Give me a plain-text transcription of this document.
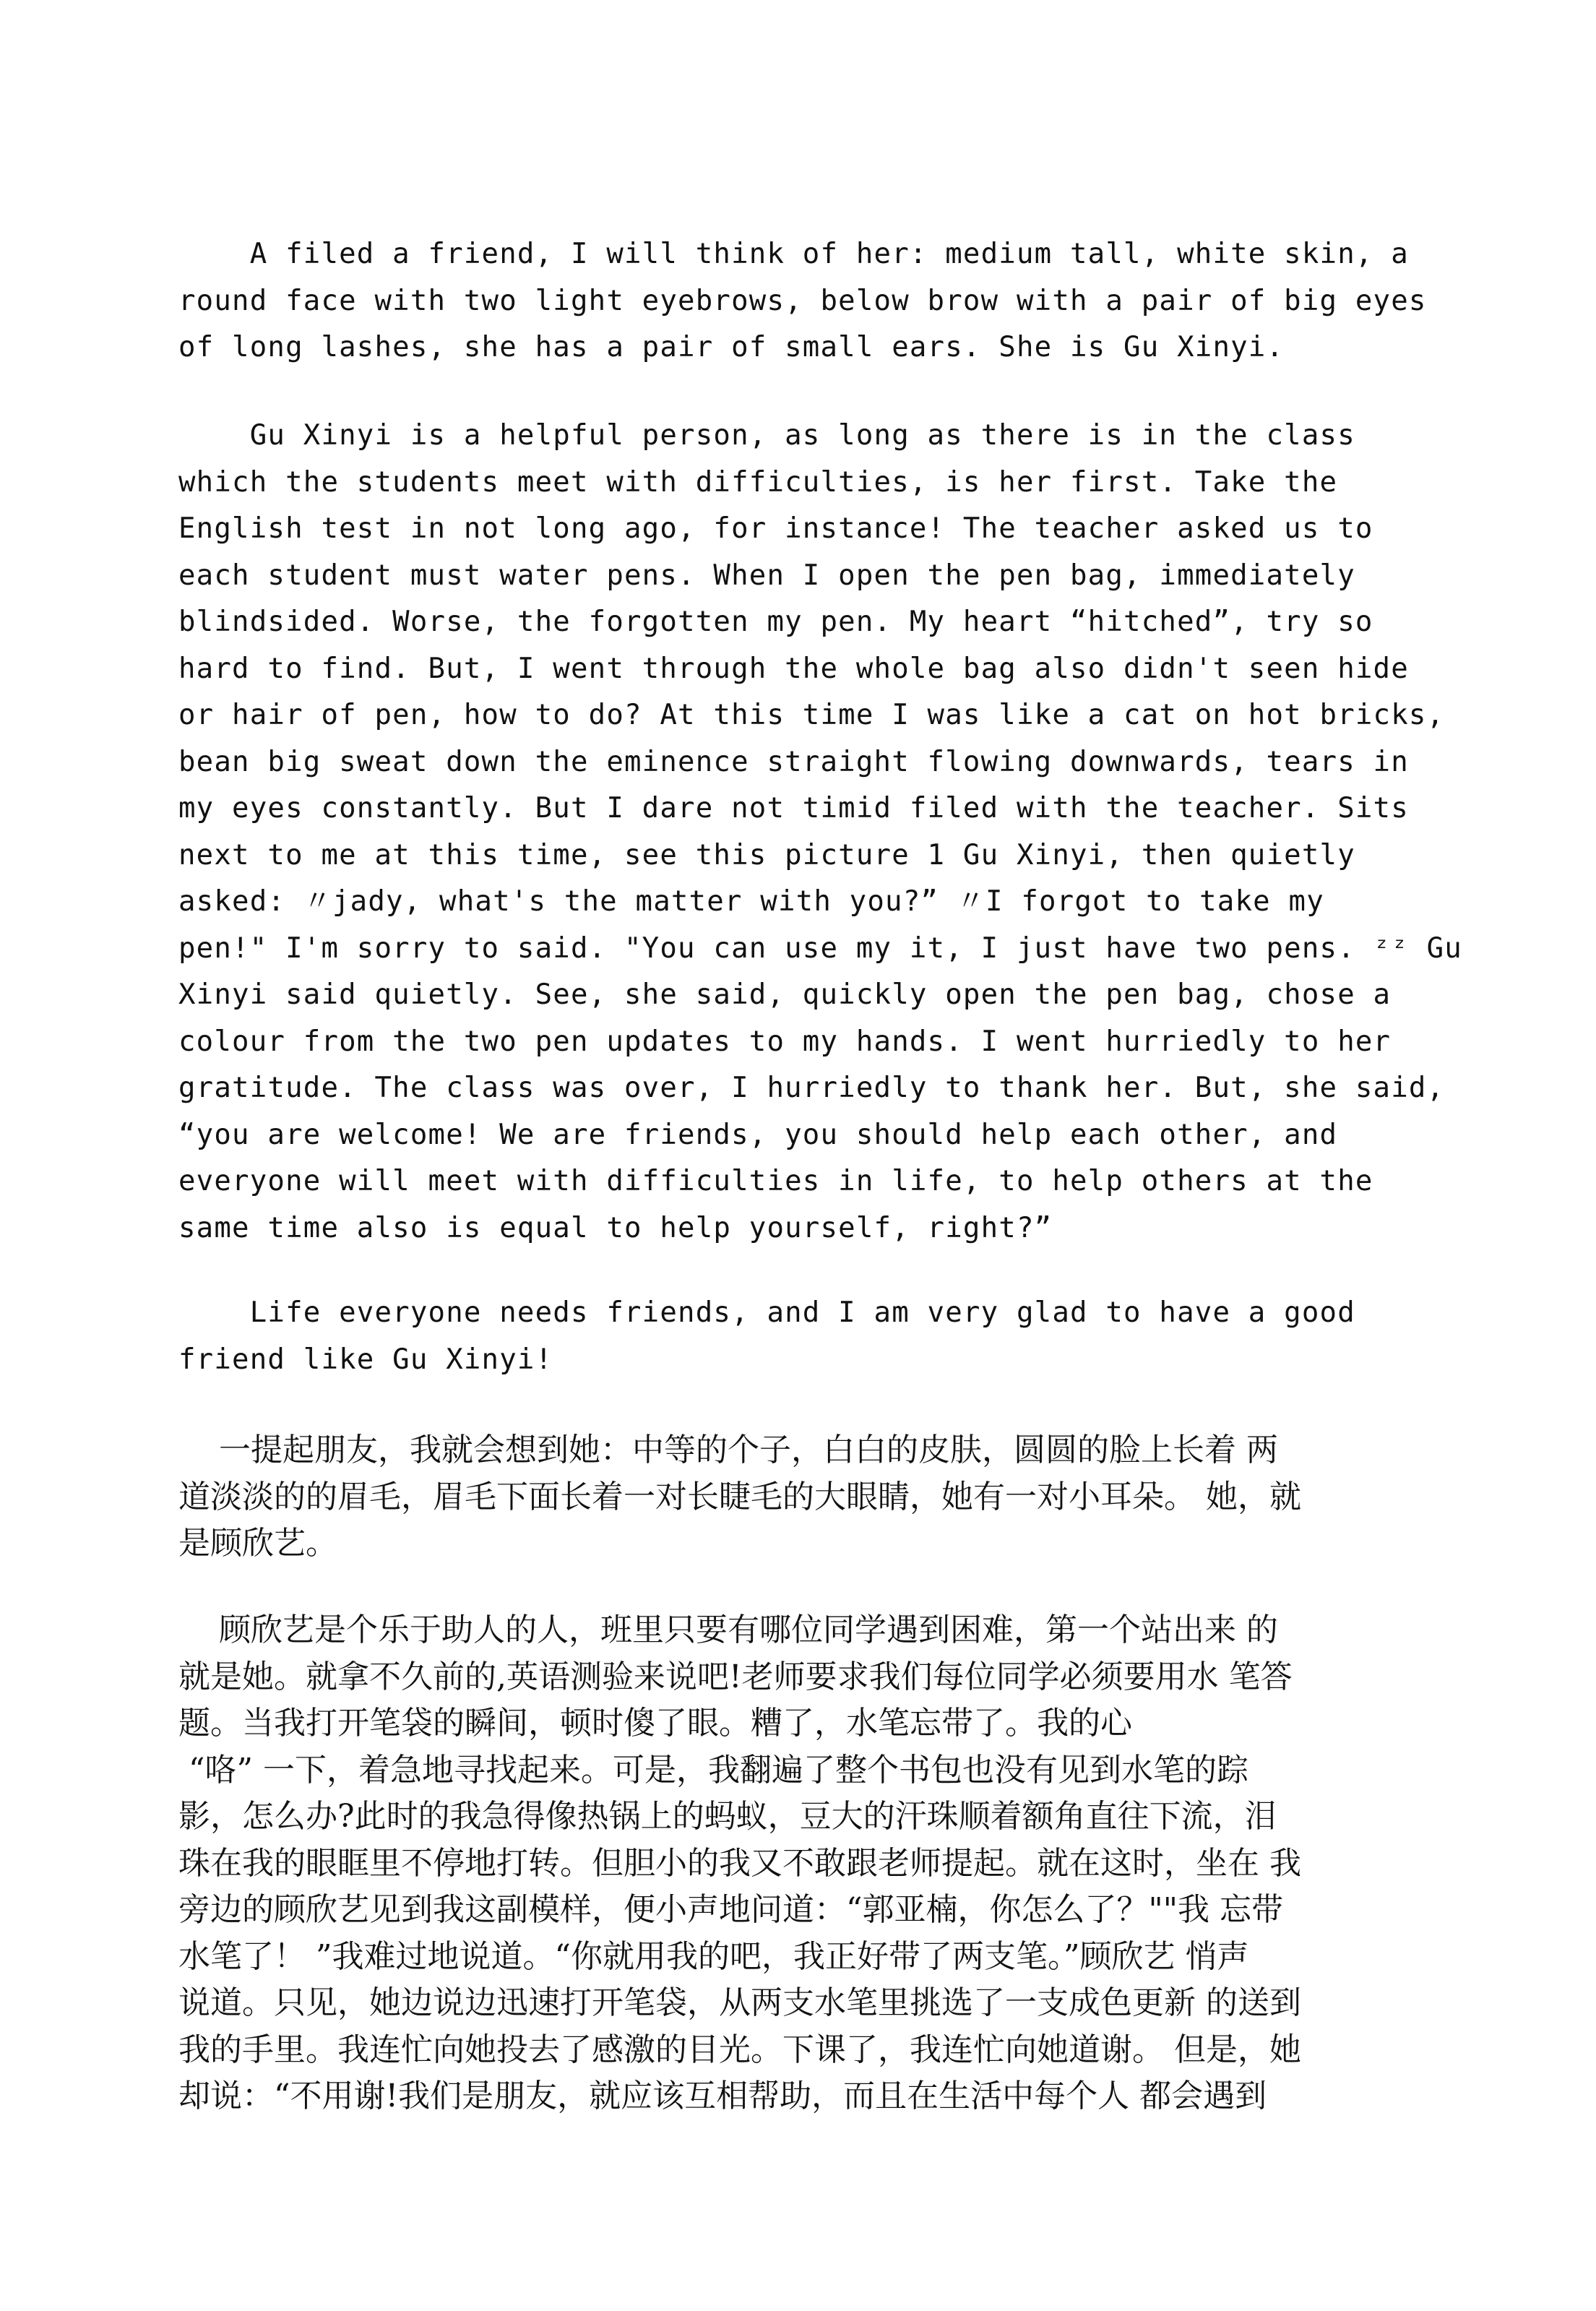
A filed a friend, I will think of her: medium tall, white skin, a
round face with two light eyebrows, below brow with a pair of big eyes
of long lashes, she has a pair of small ears. She is Gu Xinyi.
Gu Xinyi is a helpful person, as long as there is in the class
which the students meet with difficulties, is her first. Take the
English test in not long ago, for instance! The teacher asked us to
each student must water pens. When I open the pen bag, immediately
blindsided. Worse, the forgotten my pen. My heart “hitched”, try so
hard to find. But, I went through the whole bag also didn't seen hide
or hair of pen, how to do? At this time I was like a cat on hot bricks,
bean big sweat down the eminence straight flowing downwards, tears in
my eyes constantly. But I dare not timid filed with the teacher. Sits
next to me at this time, see this picture 1 Gu Xinyi, then quietly
asked: 〃jady, what's the matter with you?” 〃I forgot to take my
pen!" I'm sorry to said. "You can use my it, I just have two pens. ᶻᶻ Gu
Xinyi said quietly. See, she said, quickly open the pen bag, chose a
colour from the two pen updates to my hands. I went hurriedly to her
gratitude. The class was over, I hurriedly to thank her. But, she said,
“you are welcome! We are friends, you should help each other, and
everyone will meet with difficulties in life, to help others at the
same time also is equal to help yourself, right?”
Life everyone needs friends, and I am very glad to have a good
friend like Gu Xinyi!
一提起朋友，我就会想到她：中等的个子，白白的皮肤，圆圆的脸上长着 两
道淡淡的的眉毛，眉毛下面长着一对长睫毛的大眼睛，她有一对小耳朵。 她，就
是顾欣艺。
顾欣艺是个乐于助人的人，班里只要有哪位同学遇到困难，第一个站出来 的
就是她。就拿不久前的,英语测验来说吧!老师要求我们每位同学必须要用水 笔答
题。当我打开笔袋的瞬间，顿时傻了眼。糟了，水笔忘带了。我的心
“咯” 一下，着急地寻找起来。可是，我翻遍了整个书包也没有见到水笔的踪
影，怎么办?此时的我急得像热锅上的蚂蚁，豆大的汗珠顺着额角直往下流，泪
珠在我的眼眶里不停地打转。但胆小的我又不敢跟老师提起。就在这时，坐在 我
旁边的顾欣艺见到我这副模样，便小声地问道：“郭亚楠，你怎么了？""我 忘带
水笔了！ ”我难过地说道。“你就用我的吧，我正好带了两支笔。”顾欣艺 悄声
说道。只见，她边说边迅速打开笔袋，从两支水笔里挑选了一支成色更新 的送到
我的手里。我连忙向她投去了感激的目光。下课了，我连忙向她道谢。 但是，她
却说：“不用谢!我们是朋友，就应该互相帮助，而且在生活中每个人 都会遇到
